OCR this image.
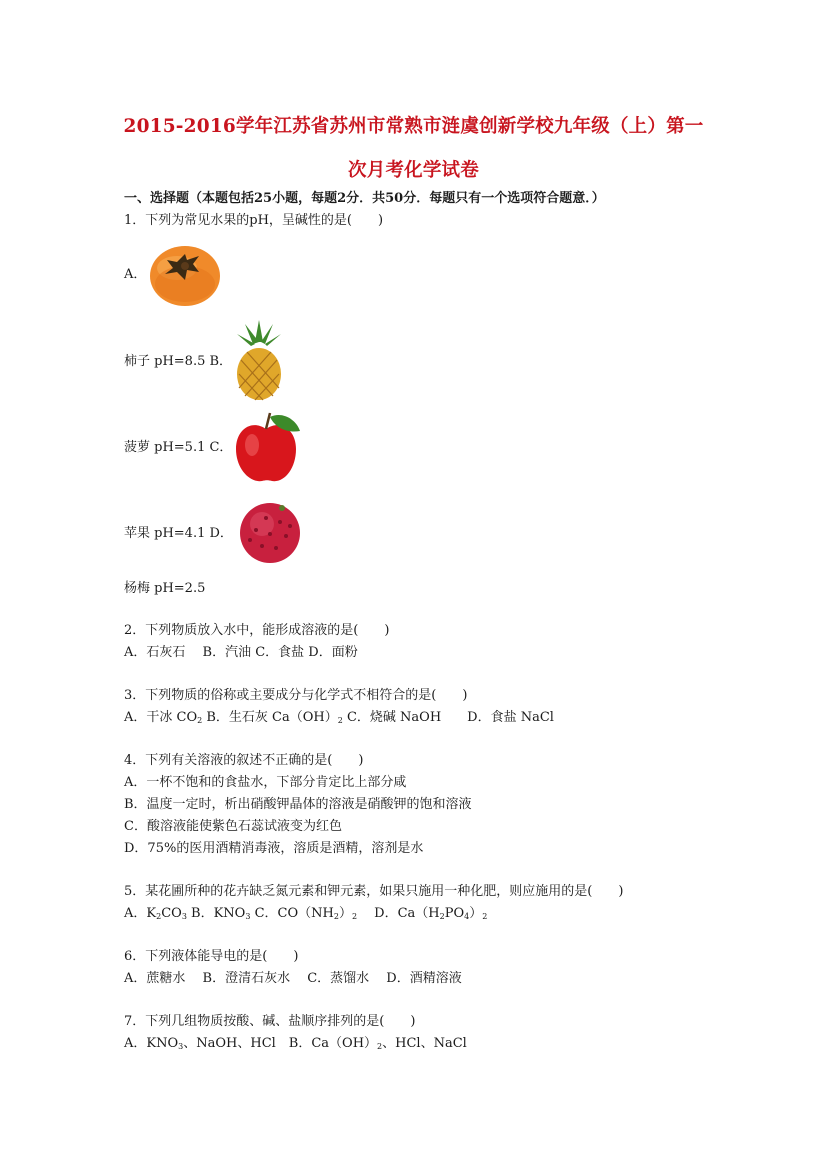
2015-2016学年江苏省苏州市常熟市涟虞创新学校九年级（上）第一
次月考化学试卷
一、选择题（本题包括25小题，每题2分．共50分．每题只有一个选项符合题意．）
1．下列为常见水果的pH，呈碱性的是(　　)
A．
柿子 pH=8.5 B．
菠萝 pH=5.1 C．
苹果 pH=4.1 D．
杨梅 pH=2.5
2．下列物质放入水中，能形成溶液的是(　　)
A．石灰石　 B．汽油 C．食盐 D．面粉
3．下列物质的俗称或主要成分与化学式不相符合的是(　　)
A．干冰 $CO_2$ B．生石灰 $Ca(OH)_2$ C．烧碱 NaOH　　D．食盐 NaCl
4．下列有关溶液的叙述不正确的是(　　)
A．一杯不饱和的食盐水，下部分肯定比上部分咸
B．温度一定时，析出硝酸钾晶体的溶液是硝酸钾的饱和溶液
C．酸溶液能使紫色石蕊试液变为红色
D．75%的医用酒精消毒液，溶质是酒精，溶剂是水
5．某花圃所种的花卉缺乏氮元素和钾元素，如果只施用一种化肥，则应施用的是(　　)
A．$K_2CO_3$ B．$KNO_3$ C．$CO(NH_2)_2$　 D．$Ca(H_2PO_4)_2$
6．下列液体能导电的是(　　)
A．蔗糖水　 B．澄清石灰水　 C．蒸馏水　 D．酒精溶液
7．下列几组物质按酸、碱、盐顺序排列的是(　　)
A．$KNO_3$、NaOH、HCl　B．$Ca(OH)_2$、HCl、NaCl
